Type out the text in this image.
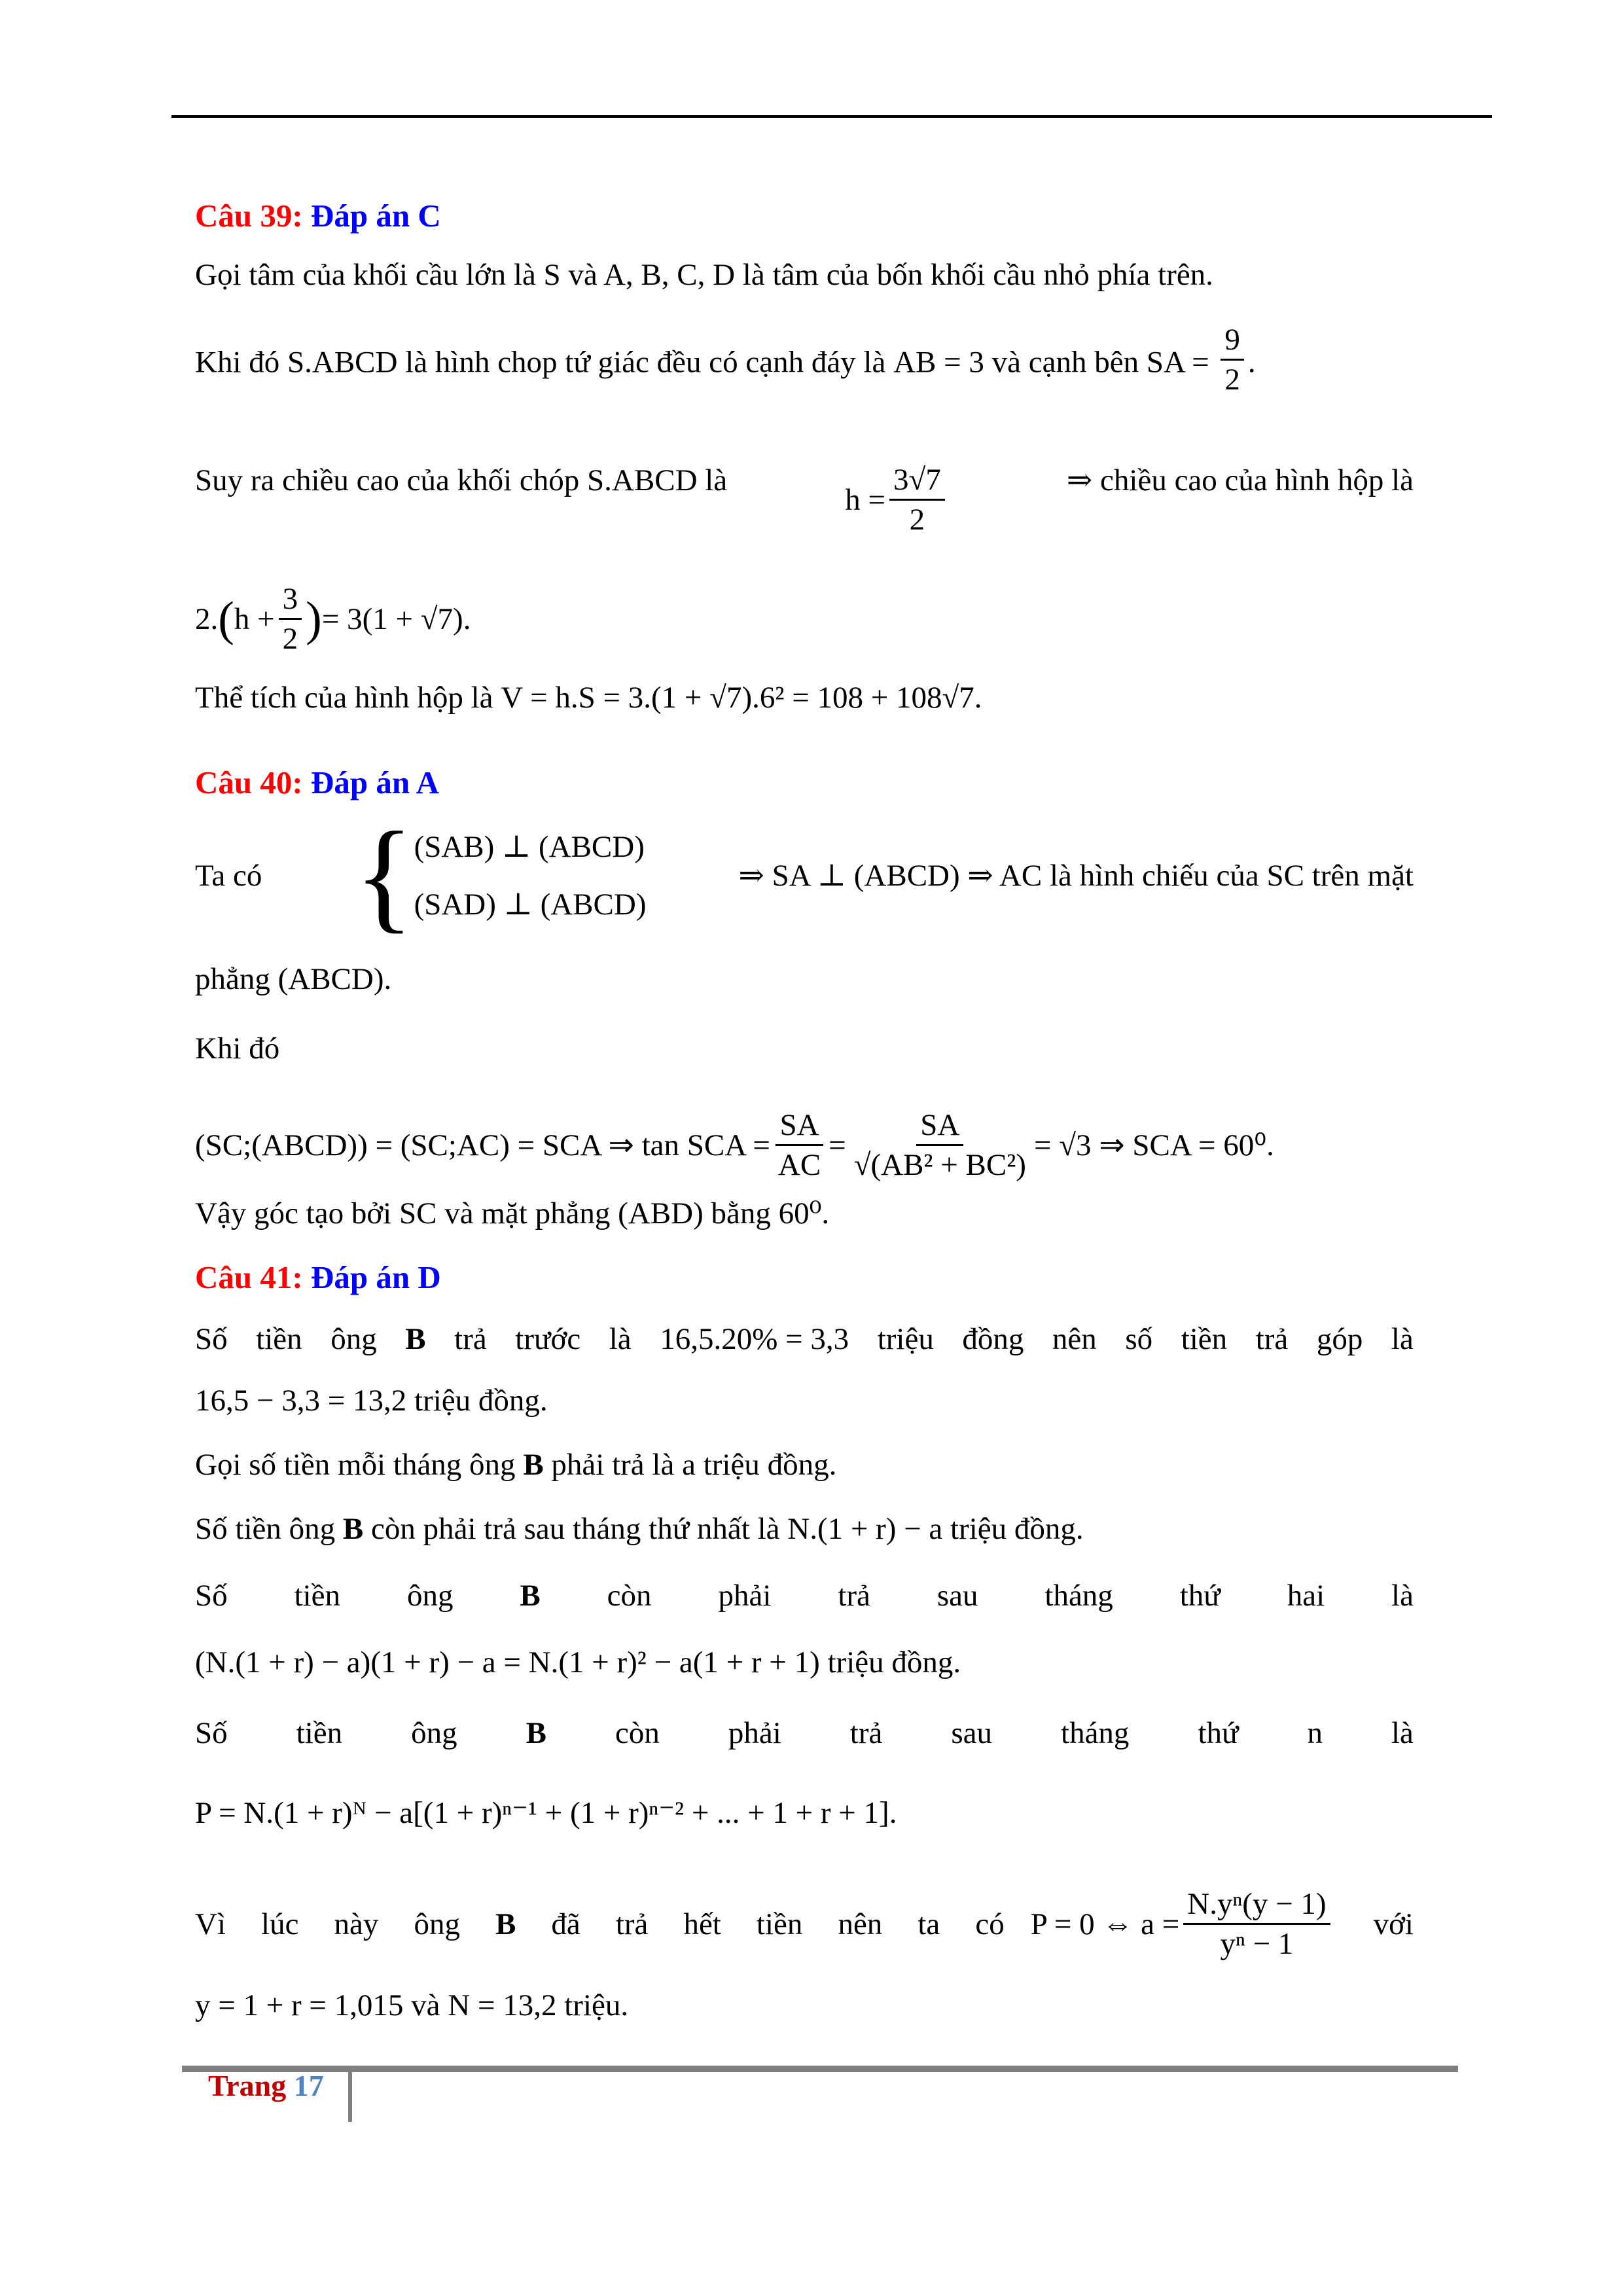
Câu 39: Đáp án C
Gọi tâm của khối cầu lớn là S và A, B, C, D là tâm của bốn khối cầu nhỏ phía trên.
Khi đó S.ABCD là hình chop tứ giác đều có cạnh đáy là AB = 3 và cạnh bên SA = $\frac{9}{2}$ .
Suy ra chiều cao của khối chóp S.ABCD là
$h = \frac{3√7}{2}$	⇒ chiều cao của hình hộp là
2. ( $h + \frac{3}{2}$ ) = 3(1 + √7).
Thể tích của hình hộp là V = h.S = 3.(1 + √7).6² = 108 + 108√7.
Câu 40: Đáp án A
Ta có { (SAB) ⊥ (ABCD)
(SAD) ⊥ (ABCD)
⇒ SA ⊥ (ABCD) ⇒ AC là hình chiếu của SC trên mặt
phẳng (ABCD).
Khi đó
(SC;(ABCD)) = (SC;AC) = SCA ⇒ tan SCA = $\frac{SA}{AC} = \frac{SA}{\text{√(AB² + BC²)}} = √3$ ⇒ SCA = 60⁰.
Vậy góc tạo bởi SC và mặt phẳng (ABD) bằng 60⁰.
Câu 41: Đáp án D
Số tiền ông B trả trước là 16,5.20% = 3,3 triệu đồng nên số tiền trả góp là
16,5 − 3,3 = 13,2 triệu đồng.
Gọi số tiền mỗi tháng ông B phải trả là a triệu đồng.
Số tiền ông B còn phải trả sau tháng thứ nhất là N.(1 + r) − a triệu đồng.
Số tiền ông B còn phải trả sau tháng thứ hai là
(N.(1 + r) − a)(1 + r) − a = N.(1 + r)² − a(1 + r + 1) triệu đồng.
Số tiền ông B còn phải trả sau tháng thứ n là
P = N.(1 + r)ᴺ − a[(1 + r)ⁿ⁻¹ + (1 + r)ⁿ⁻² + ... + 1 + r + 1].
Vì lúc này ông B đã trả hết tiền nên ta có P = 0 ⇔ $a = \frac{\text{N.yⁿ(y − 1)}}{\text{yⁿ − 1}}$ với
y = 1 + r = 1,015 và N = 13,2 triệu.
Trang 17
